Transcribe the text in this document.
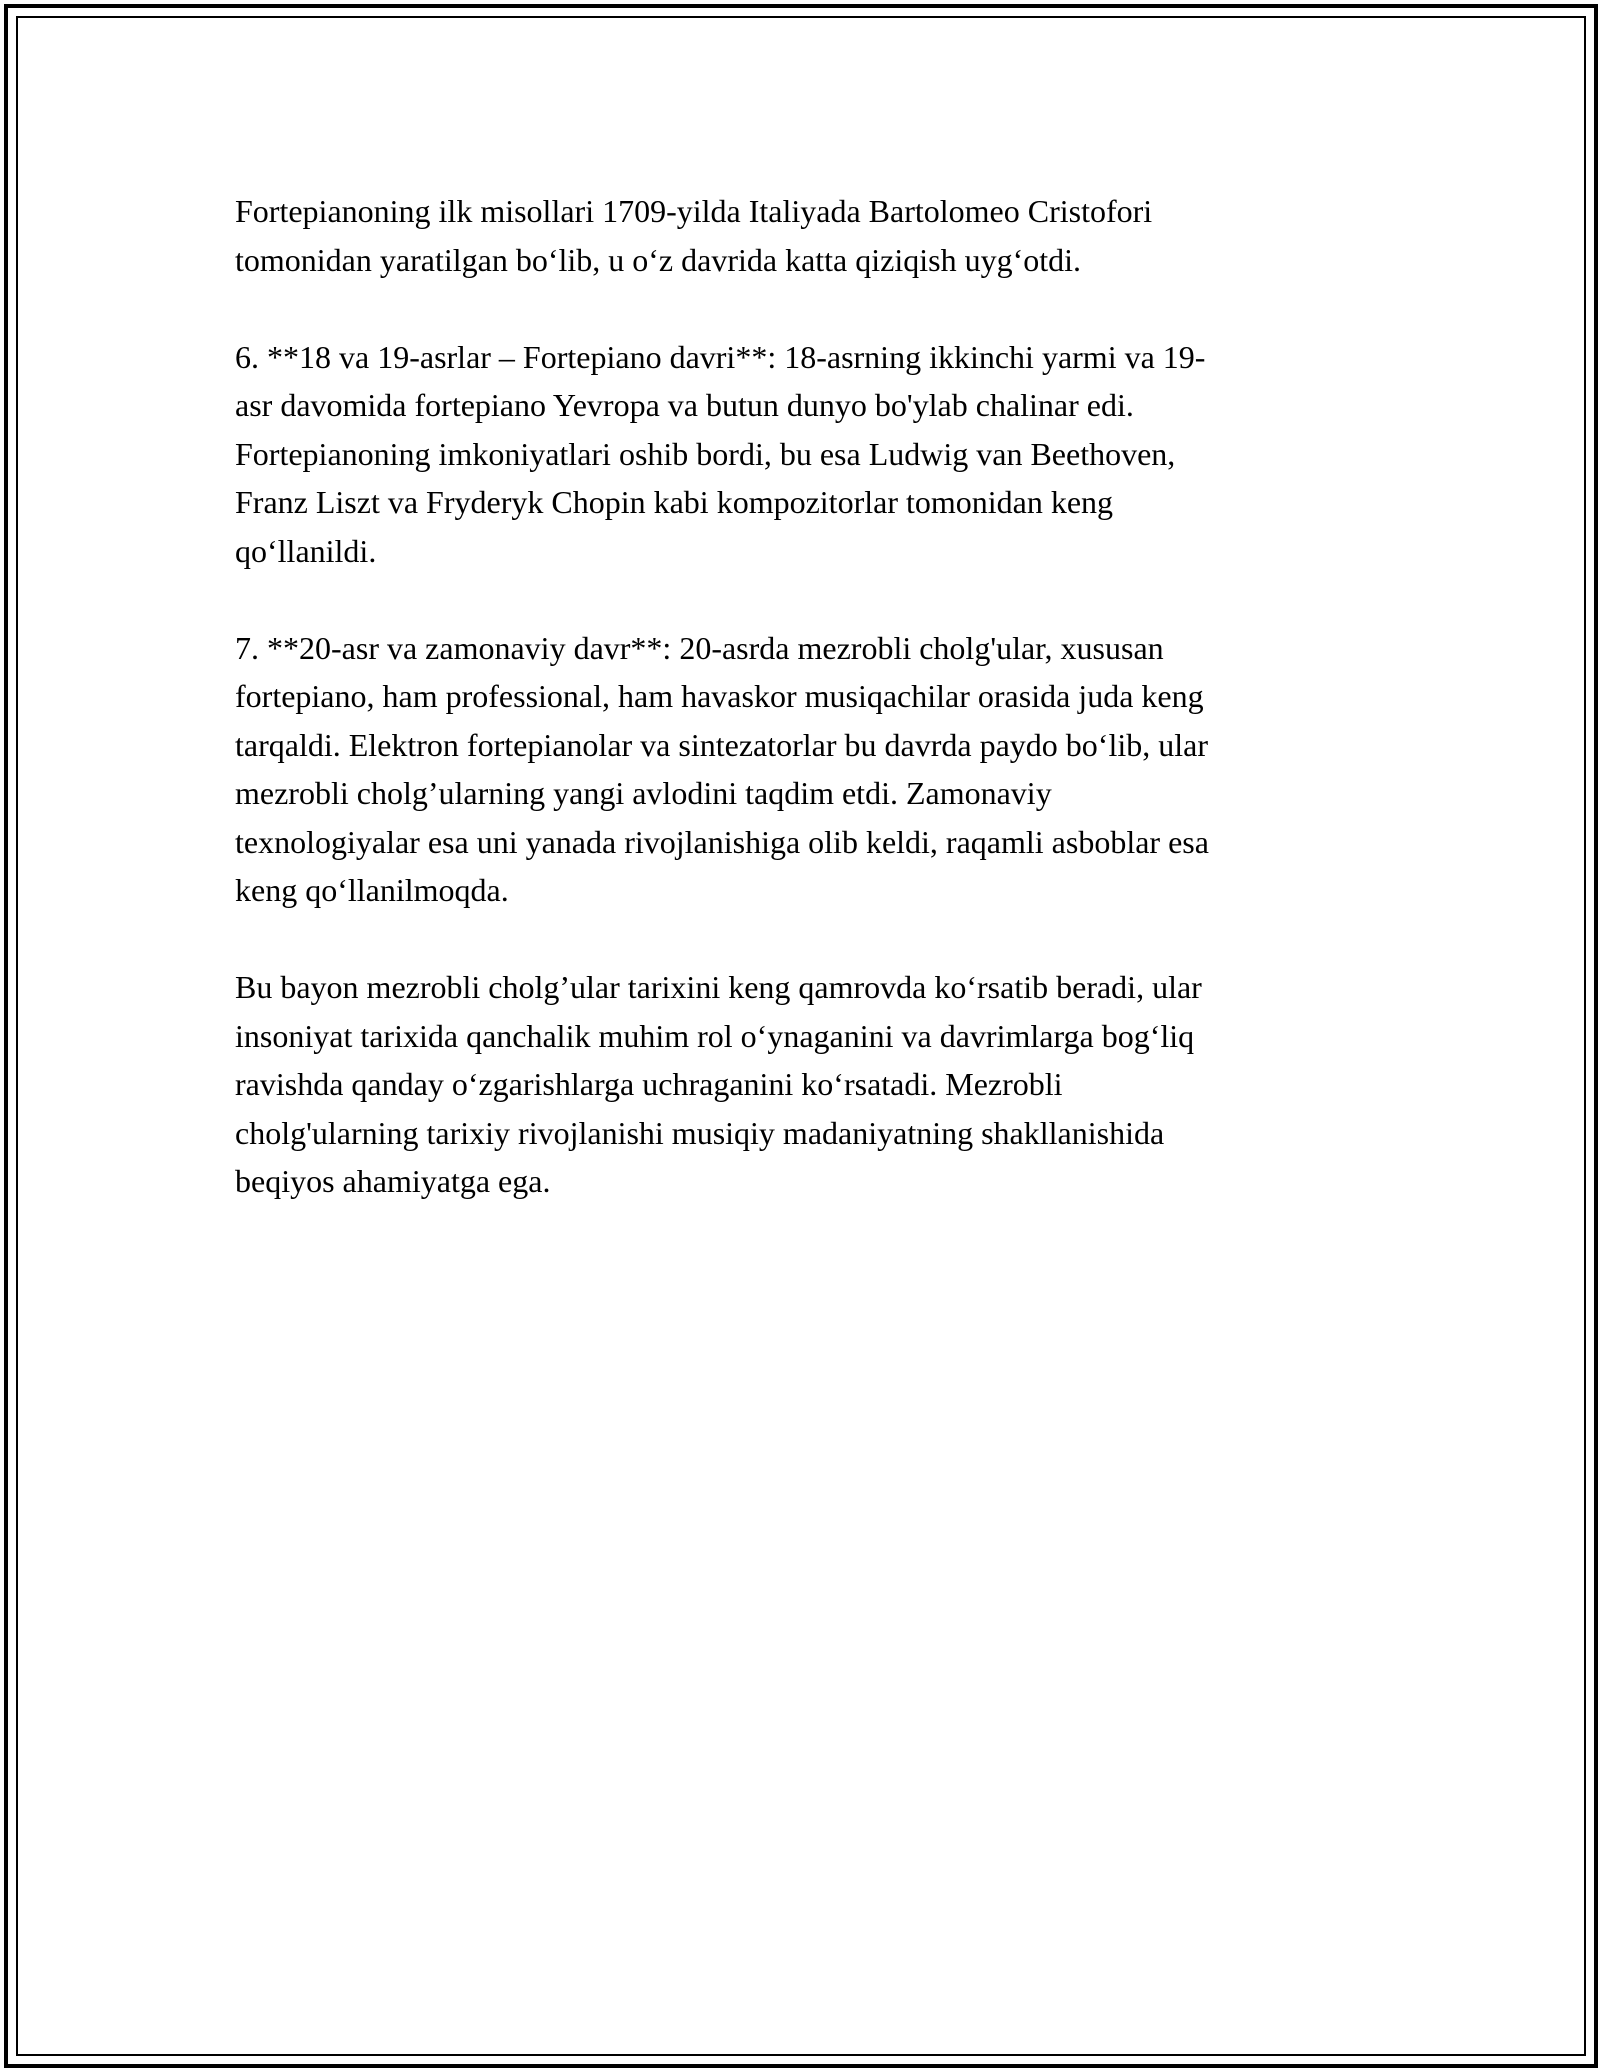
Fortepianoning ilk misollari 1709-yilda Italiyada Bartolomeo Cristofori
tomonidan yaratilgan bo‘lib, u o‘z davrida katta qiziqish uyg‘otdi.

6. **18 va 19-asrlar – Fortepiano davri**: 18-asrning ikkinchi yarmi va 19-
asr davomida fortepiano Yevropa va butun dunyo bo'ylab chalinar edi.
Fortepianoning imkoniyatlari oshib bordi, bu esa Ludwig van Beethoven,
Franz Liszt va Fryderyk Chopin kabi kompozitorlar tomonidan keng
qo‘llanildi.

7. **20-asr va zamonaviy davr**: 20-asrda mezrobli cholg'ular, xususan
fortepiano, ham professional, ham havaskor musiqachilar orasida juda keng
tarqaldi. Elektron fortepianolar va sintezatorlar bu davrda paydo bo‘lib, ular
mezrobli cholg’ularning yangi avlodini taqdim etdi. Zamonaviy
texnologiyalar esa uni yanada rivojlanishiga olib keldi, raqamli asboblar esa
keng qo‘llanilmoqda.

Bu bayon mezrobli cholg’ular tarixini keng qamrovda ko‘rsatib beradi, ular
insoniyat tarixida qanchalik muhim rol o‘ynaganini va davrimlarga bog‘liq
ravishda qanday o‘zgarishlarga uchraganini ko‘rsatadi. Mezrobli
cholg'ularning tarixiy rivojlanishi musiqiy madaniyatning shakllanishida
beqiyos ahamiyatga ega.
